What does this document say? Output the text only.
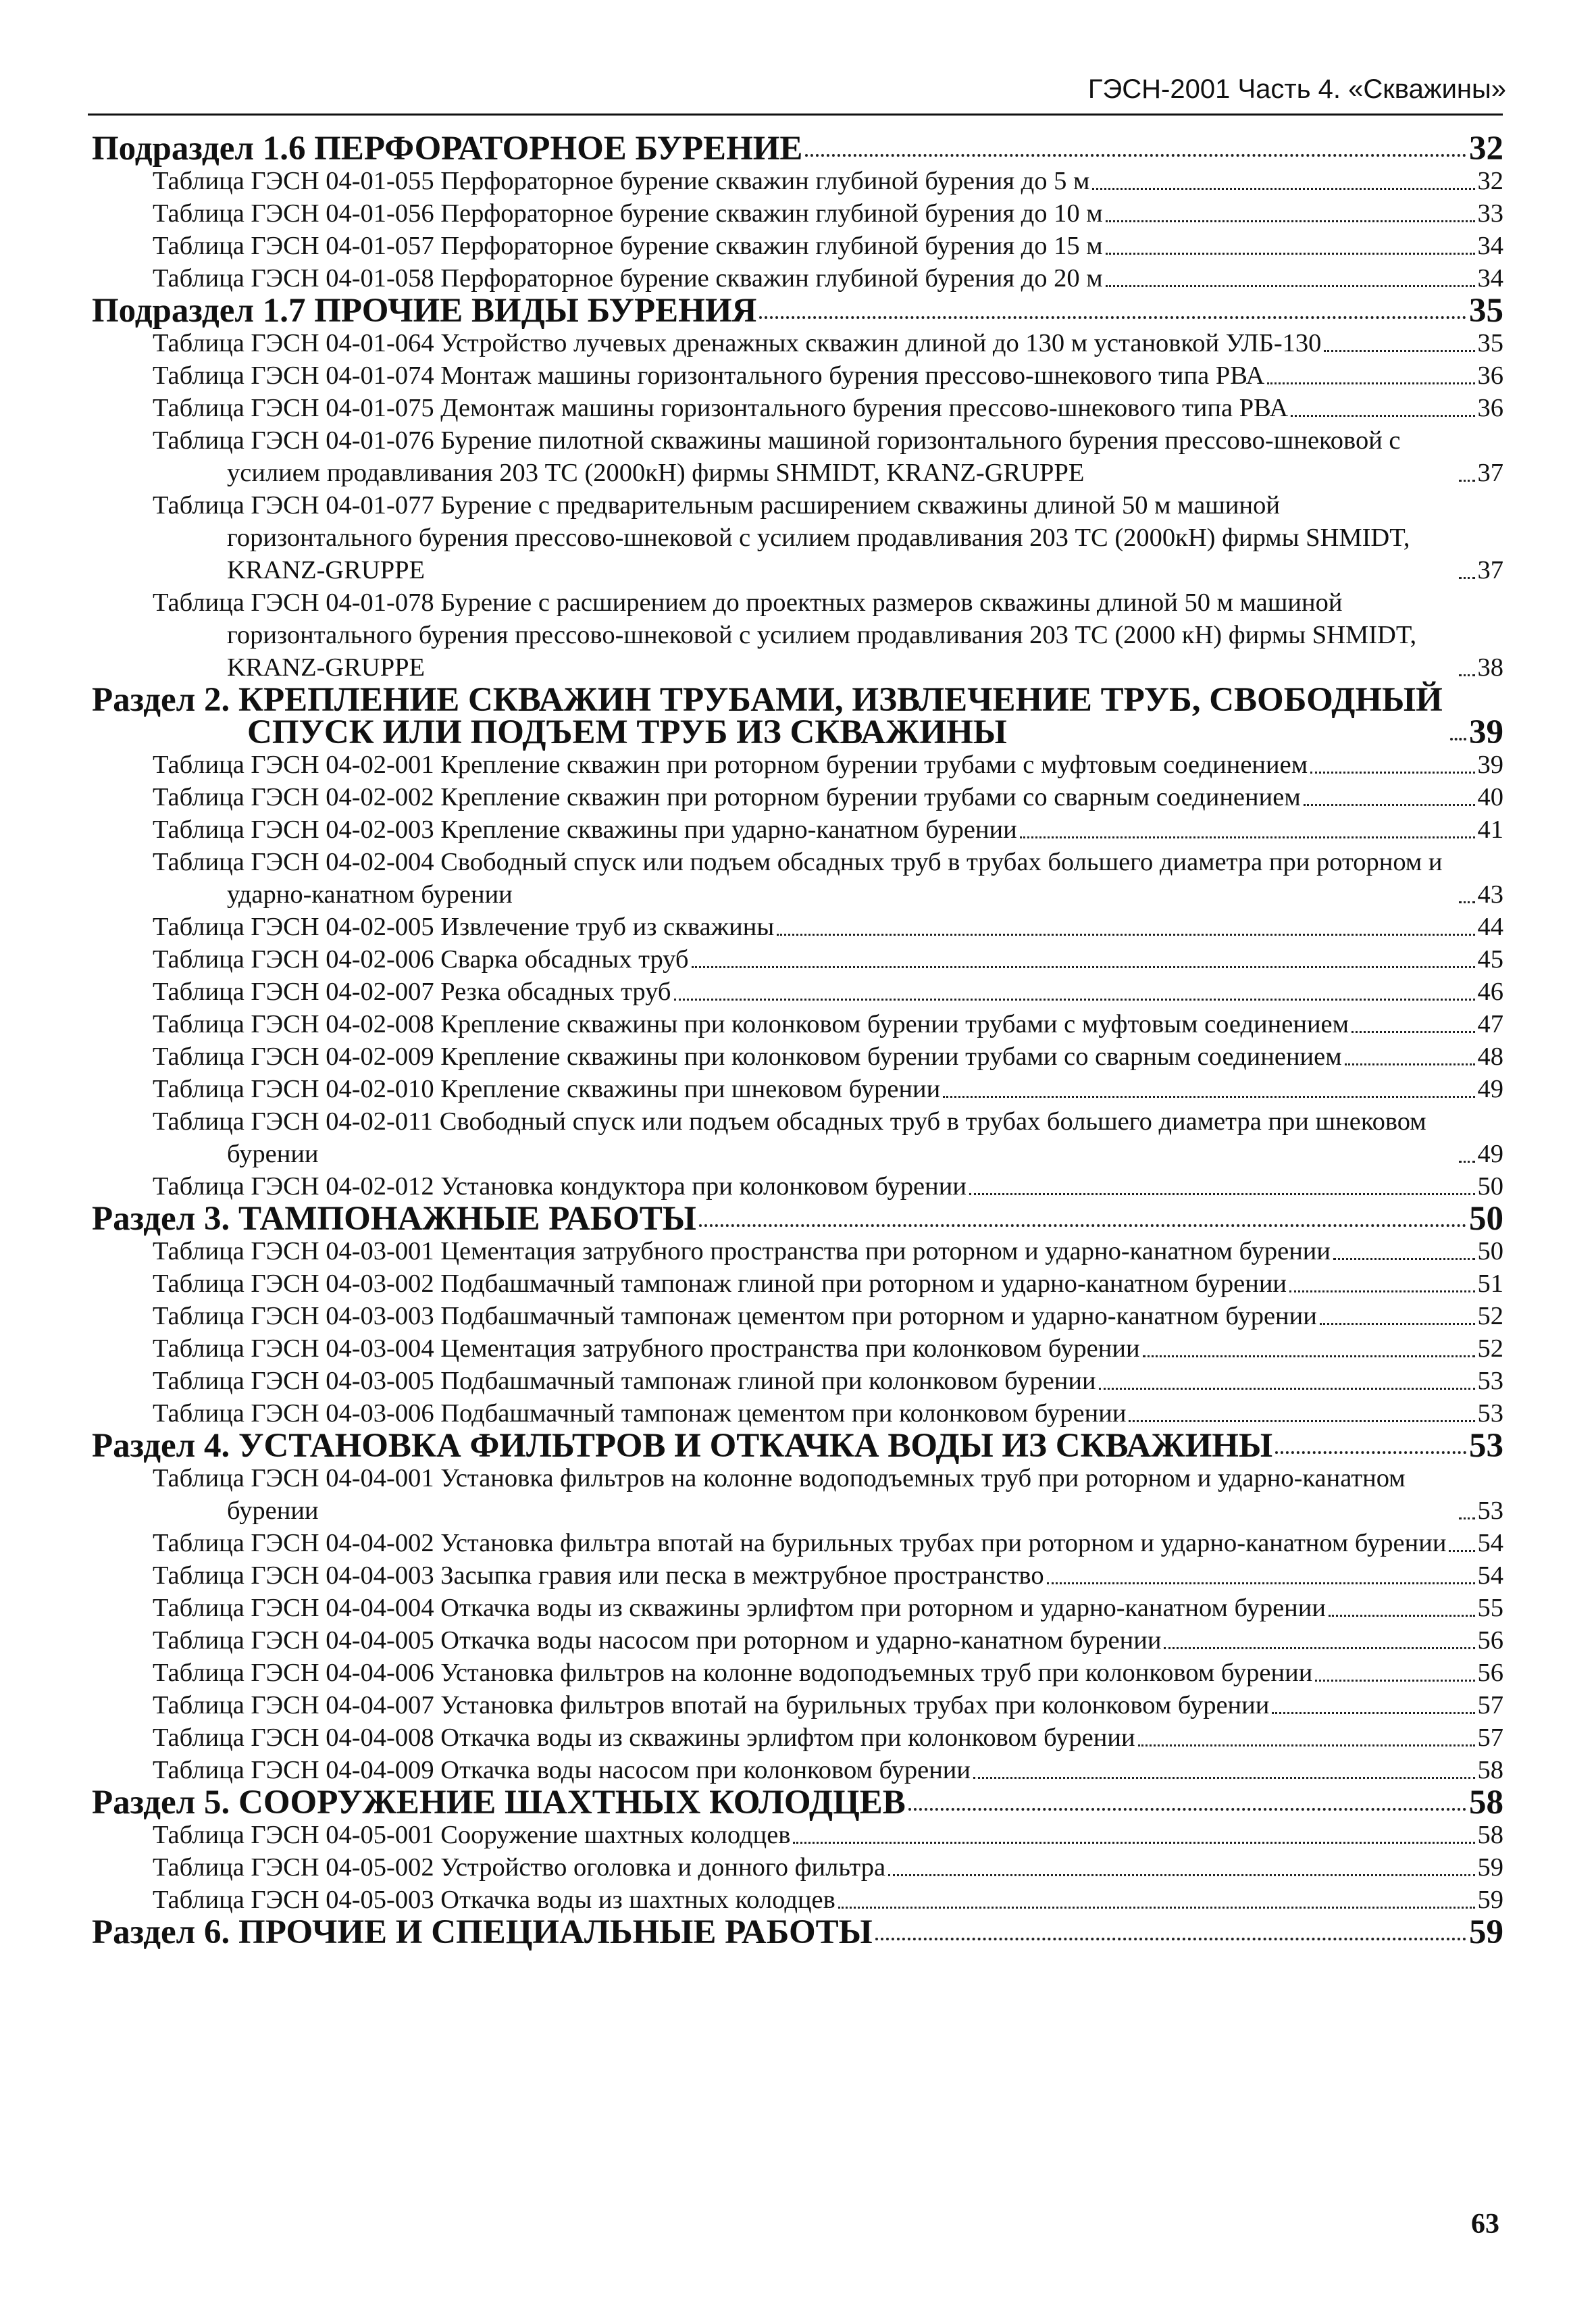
ГЭСН-2001 Часть 4. «Скважины»
Подраздел 1.6 ПЕРФОРАТОРНОЕ БУРЕНИЕ	32
Таблица ГЭСН 04-01-055 Перфораторное бурение скважин глубиной бурения до 5 м	32
Таблица ГЭСН 04-01-056 Перфораторное бурение скважин глубиной бурения до 10 м	33
Таблица ГЭСН 04-01-057 Перфораторное бурение скважин глубиной бурения до 15 м	34
Таблица ГЭСН 04-01-058 Перфораторное бурение скважин глубиной бурения до 20 м	34
Подраздел 1.7 ПРОЧИЕ ВИДЫ БУРЕНИЯ	35
Таблица ГЭСН 04-01-064 Устройство лучевых дренажных скважин длиной до 130 м установкой УЛБ-130	35
Таблица ГЭСН 04-01-074 Монтаж машины горизонтального бурения прессово-шнекового типа РВА	36
Таблица ГЭСН 04-01-075 Демонтаж машины горизонтального бурения прессово-шнекового типа РВА	36
Таблица ГЭСН 04-01-076 Бурение пилотной скважины машиной горизонтального бурения прессово-шнековой с усилием продавливания 203 ТС (2000кН) фирмы SHMIDT, KRANZ-GRUPPE	37
Таблица ГЭСН 04-01-077 Бурение с предварительным расширением скважины длиной 50 м машиной горизонтального бурения прессово-шнековой с усилием продавливания 203 ТС (2000кН) фирмы SHMIDT, KRANZ-GRUPPE	37
Таблица ГЭСН 04-01-078 Бурение с расширением до проектных размеров скважины длиной 50 м машиной горизонтального бурения прессово-шнековой с усилием продавливания 203 ТС (2000 кН) фирмы SHMIDT, KRANZ-GRUPPE	38
Раздел 2. КРЕПЛЕНИЕ СКВАЖИН ТРУБАМИ, ИЗВЛЕЧЕНИЕ ТРУБ, СВОБОДНЫЙ СПУСК ИЛИ ПОДЪЕМ ТРУБ ИЗ СКВАЖИНЫ	39
Таблица ГЭСН 04-02-001 Крепление скважин при роторном бурении трубами с муфтовым соединением	39
Таблица ГЭСН 04-02-002 Крепление скважин при роторном бурении трубами со сварным соединением	40
Таблица ГЭСН 04-02-003 Крепление скважины при ударно-канатном бурении	41
Таблица ГЭСН 04-02-004 Свободный спуск или подъем обсадных труб в трубах большего диаметра при роторном и ударно-канатном бурении	43
Таблица ГЭСН 04-02-005 Извлечение труб из скважины	44
Таблица ГЭСН 04-02-006 Сварка обсадных труб	45
Таблица ГЭСН 04-02-007 Резка обсадных труб	46
Таблица ГЭСН 04-02-008 Крепление скважины при колонковом бурении трубами с муфтовым соединением	47
Таблица ГЭСН 04-02-009 Крепление скважины при колонковом бурении трубами со сварным соединением	48
Таблица ГЭСН 04-02-010 Крепление скважины при шнековом бурении	49
Таблица ГЭСН 04-02-011 Свободный спуск или подъем обсадных труб в трубах большего диаметра при шнековом бурении	49
Таблица ГЭСН 04-02-012 Установка кондуктора при колонковом бурении	50
Раздел 3. ТАМПОНАЖНЫЕ РАБОТЫ	50
Таблица ГЭСН 04-03-001 Цементация затрубного пространства при роторном и ударно-канатном бурении	50
Таблица ГЭСН 04-03-002 Подбашмачный тампонаж глиной при роторном и ударно-канатном бурении	51
Таблица ГЭСН 04-03-003 Подбашмачный тампонаж цементом при роторном и ударно-канатном бурении	52
Таблица ГЭСН 04-03-004 Цементация затрубного пространства при колонковом бурении	52
Таблица ГЭСН 04-03-005 Подбашмачный тампонаж глиной при колонковом бурении	53
Таблица ГЭСН 04-03-006 Подбашмачный тампонаж цементом при колонковом бурении	53
Раздел 4. УСТАНОВКА ФИЛЬТРОВ И ОТКАЧКА ВОДЫ ИЗ СКВАЖИНЫ	53
Таблица ГЭСН 04-04-001 Установка фильтров на колонне водоподъемных труб при роторном и ударно-канатном бурении	53
Таблица ГЭСН 04-04-002 Установка фильтра впотай на бурильных трубах при роторном и ударно-канатном бурении 54
Таблица ГЭСН 04-04-003 Засыпка гравия или песка в межтрубное пространство	54
Таблица ГЭСН 04-04-004 Откачка воды из скважины эрлифтом при роторном и ударно-канатном бурении	55
Таблица ГЭСН 04-04-005 Откачка воды насосом при роторном и ударно-канатном бурении	56
Таблица ГЭСН 04-04-006 Установка фильтров на колонне водоподъемных труб при колонковом бурении	56
Таблица ГЭСН 04-04-007 Установка фильтров впотай на бурильных трубах при колонковом бурении	57
Таблица ГЭСН 04-04-008 Откачка воды из скважины эрлифтом при колонковом бурении	57
Таблица ГЭСН 04-04-009 Откачка воды насосом при колонковом бурении	58
Раздел 5. СООРУЖЕНИЕ ШАХТНЫХ КОЛОДЦЕВ	58
Таблица ГЭСН 04-05-001 Сооружение шахтных колодцев	58
Таблица ГЭСН 04-05-002 Устройство оголовка и донного фильтра	59
Таблица ГЭСН 04-05-003 Откачка воды из шахтных колодцев	59
Раздел 6. ПРОЧИЕ И СПЕЦИАЛЬНЫЕ РАБОТЫ	59
63
